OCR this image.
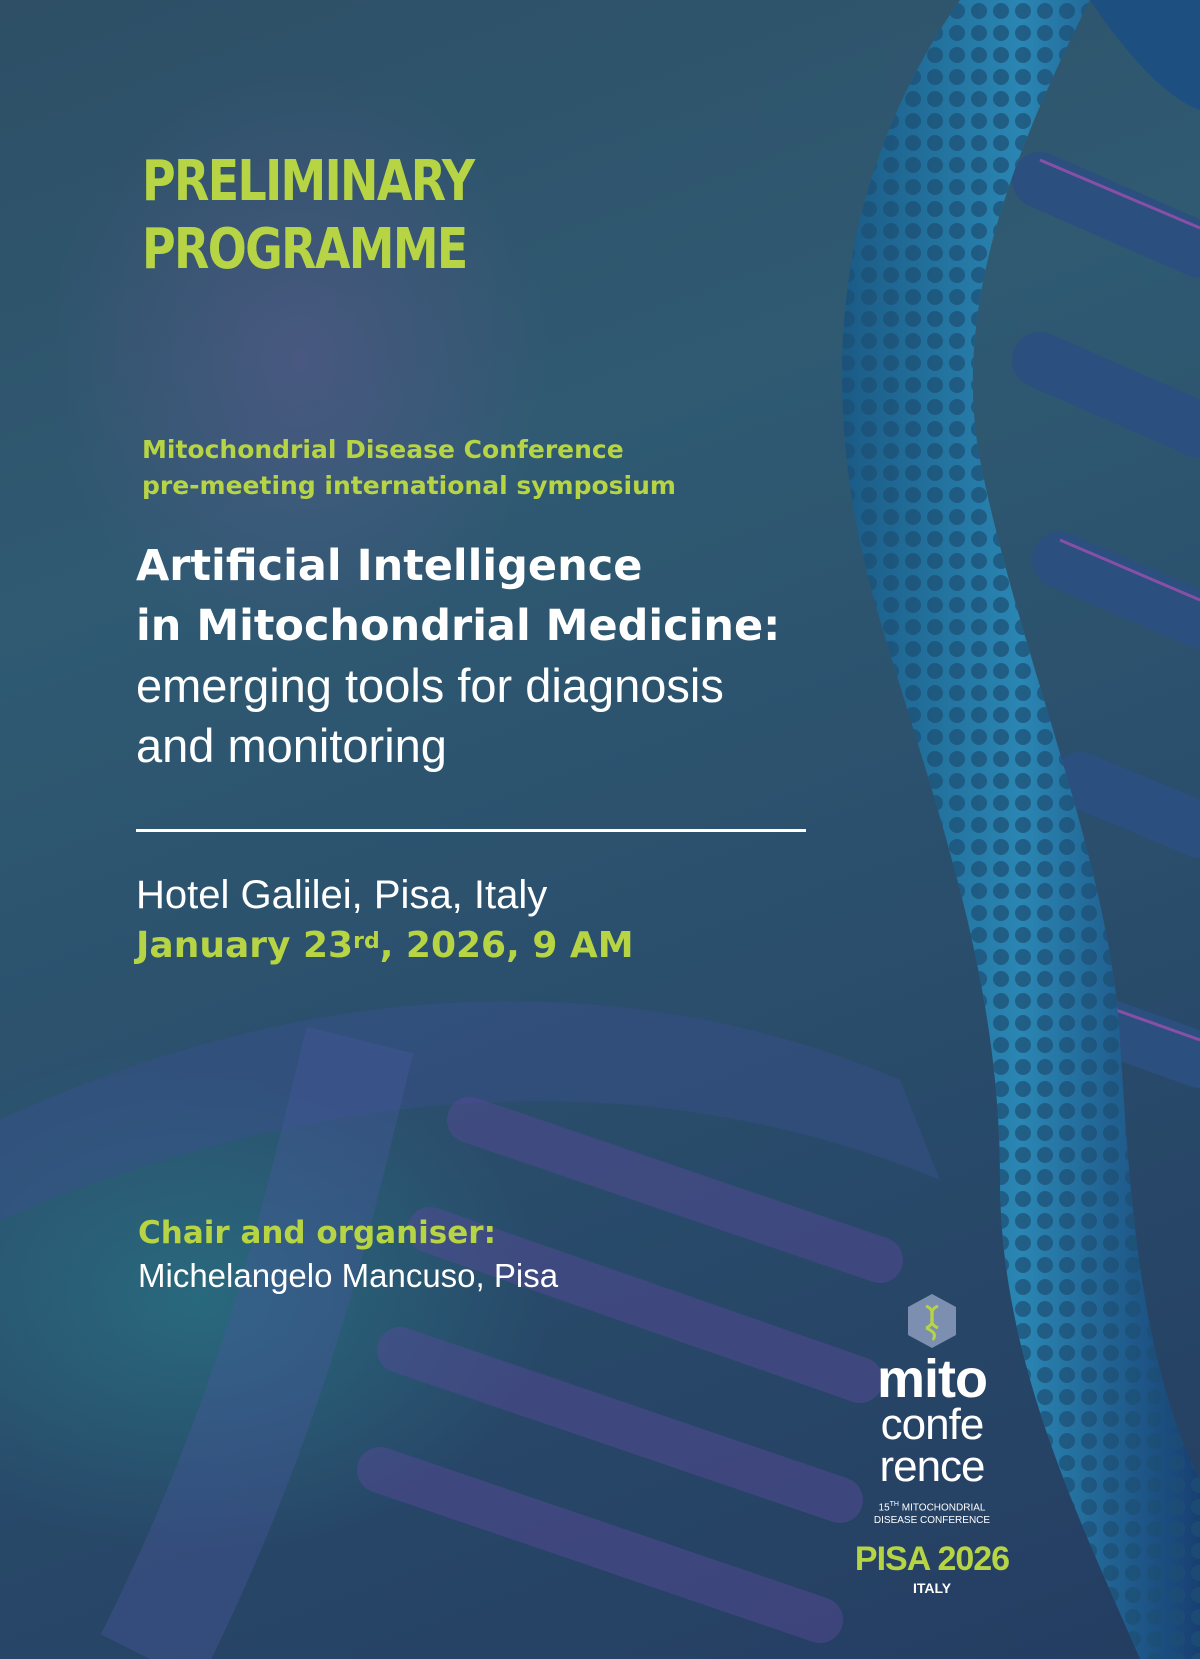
PRELIMINARY
PROGRAMME
Mitochondrial Disease Conference
pre-meeting international symposium
Artificial Intelligence
in Mitochondrial Medicine:
emerging tools for diagnosis
and monitoring
Hotel Galilei, Pisa, Italy
January 23rd, 2026, 9 AM
Chair and organiser:
Michelangelo Mancuso, Pisa
mito
confe
rence
15TH MITOCHONDRIAL
DISEASE CONFERENCE
PISA 2026
ITALY
